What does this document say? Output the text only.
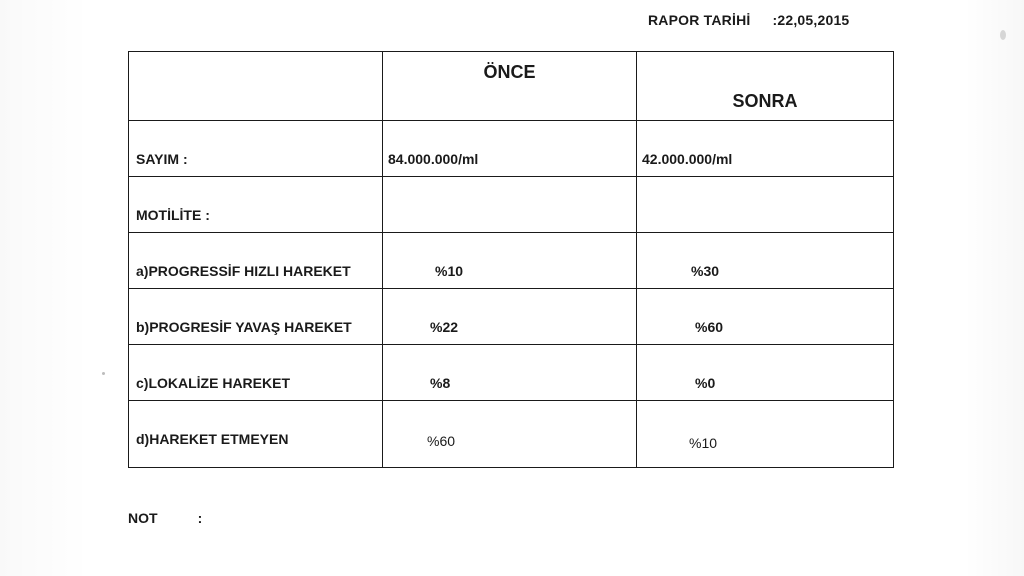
RAPOR TARİHİ :22,05,2015

	ÖNCE	SONRA

SAYIM :	84.000.000/ml	42.000.000/ml

MOTİLİTE :		

a)PROGRESSİF HIZLI HAREKET	%10	%30

b)PROGRESİF YAVAŞ HAREKET	%22	%60

c)LOKALİZE HAREKET	%8	%0

d)HAREKET ETMEYEN	%60	%10
NOT	:
